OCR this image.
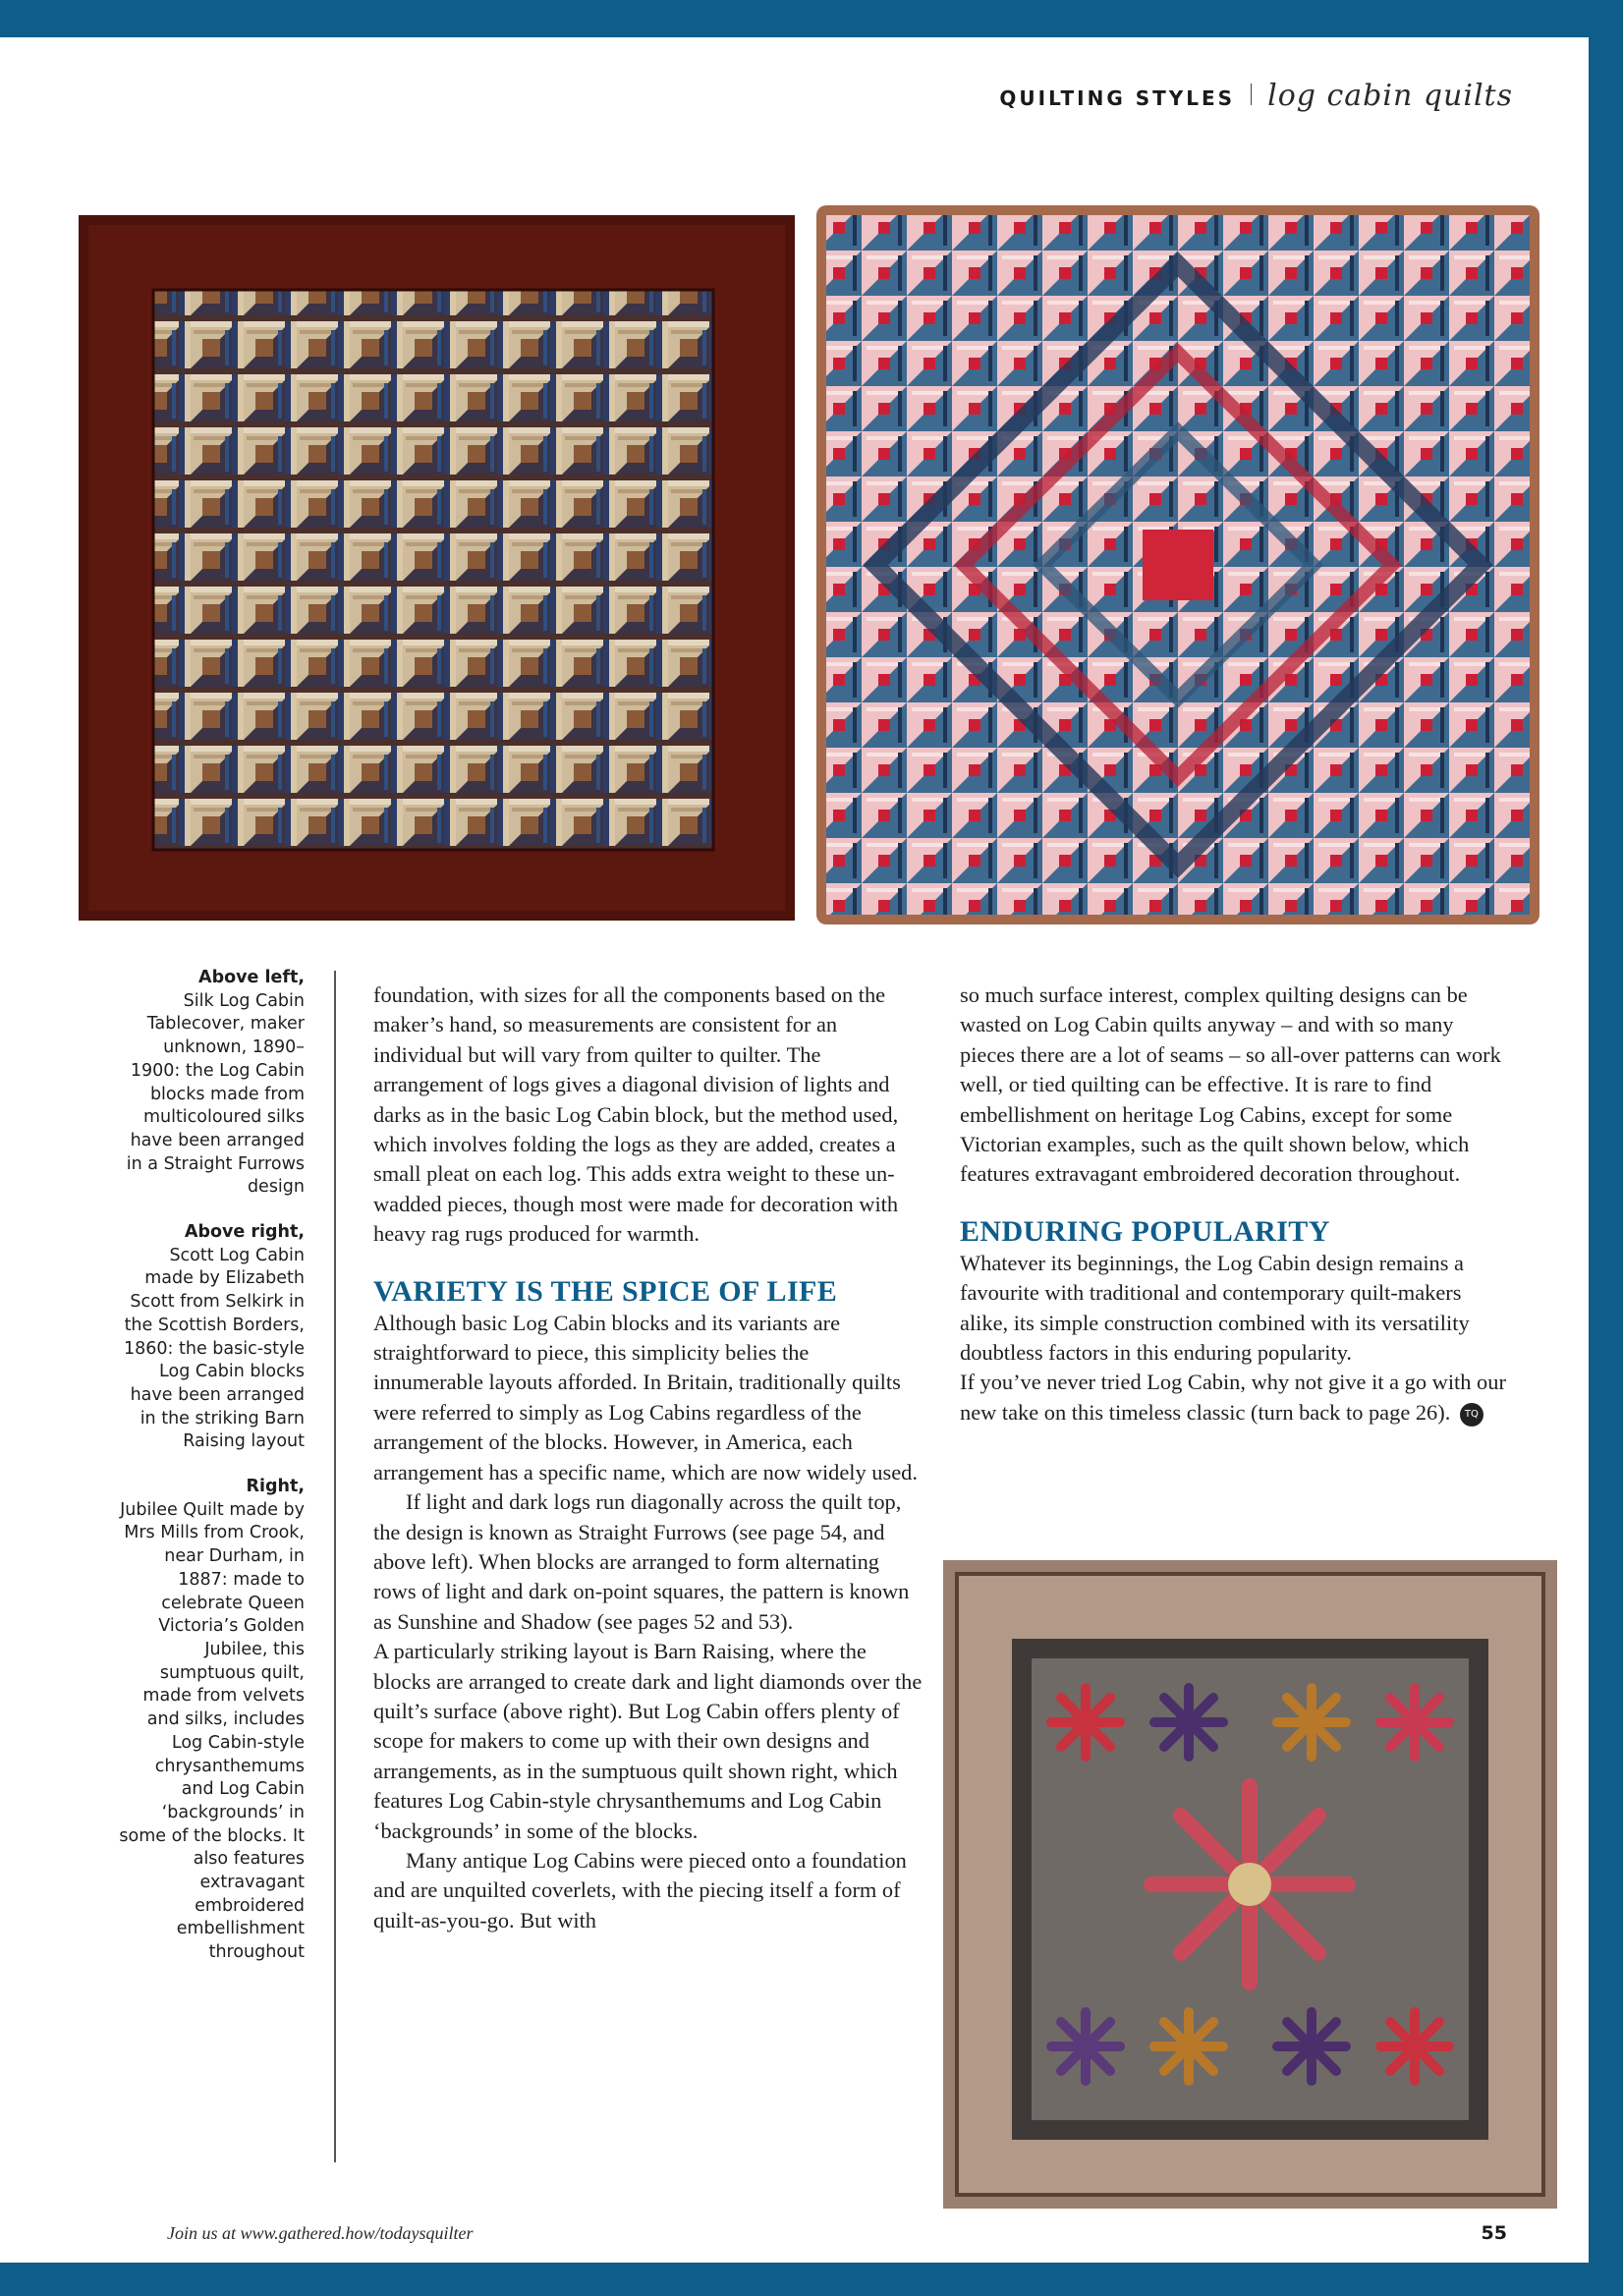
QUILTING STYLES log cabin quilts

Above left,
Silk Log Cabin Tablecover, maker unknown, 1890–1900: the Log Cabin blocks made from multicoloured silks have been arranged in a Straight Furrows design

Above right,
Scott Log Cabin made by Elizabeth Scott from Selkirk in the Scottish Borders, 1860: the basic-style Log Cabin blocks have been arranged in the striking Barn Raising layout

Right,
Jubilee Quilt made by Mrs Mills from Crook, near Durham, in 1887: made to celebrate Queen Victoria’s Golden Jubilee, this sumptuous quilt, made from velvets and silks, includes Log Cabin-style chrysanthemums and Log Cabin ‘backgrounds’ in some of the blocks. It also features extravagant embroidered embellishment throughout

foundation, with sizes for all the components based on the maker’s hand, so measurements are consistent for an individual but will vary from quilter to quilter. The arrangement of logs gives a diagonal division of lights and darks as in the basic Log Cabin block, but the method used, which involves folding the logs as they are added, creates a small pleat on each log. This adds extra weight to these un-wadded pieces, though most were made for decoration with heavy rag rugs produced for warmth.

VARIETY IS THE SPICE OF LIFE

Although basic Log Cabin blocks and its variants are straightforward to piece, this simplicity belies the innumerable layouts afforded. In Britain, traditionally quilts were referred to simply as Log Cabins regardless of the arrangement of the blocks. However, in America, each arrangement has a specific name, which are now widely used.

If light and dark logs run diagonally across the quilt top, the design is known as Straight Furrows (see page 54, and above left). When blocks are arranged to form alternating rows of light and dark on-point squares, the pattern is known as Sunshine and Shadow (see pages 52 and 53).

A particularly striking layout is Barn Raising, where the blocks are arranged to create dark and light diamonds over the quilt’s surface (above right). But Log Cabin offers plenty of scope for makers to come up with their own designs and arrangements, as in the sumptuous quilt shown right, which features Log Cabin-style chrysanthemums and Log Cabin ‘backgrounds’ in some of the blocks.

Many antique Log Cabins were pieced onto a foundation and are unquilted coverlets, with the piecing itself a form of quilt-as-you-go. But with

so much surface interest, complex quilting designs can be wasted on Log Cabin quilts anyway – and with so many pieces there are a lot of seams – so all-over patterns can work well, or tied quilting can be effective. It is rare to find embellishment on heritage Log Cabins, except for some Victorian examples, such as the quilt shown below, which features extravagant embroidered decoration throughout.

ENDURING POPULARITY

Whatever its beginnings, the Log Cabin design remains a favourite with traditional and contemporary quilt-makers alike, its simple construction combined with its versatility doubtless factors in this enduring popularity.

If you’ve never tried Log Cabin, why not give it a go with our new take on this timeless classic (turn back to page 26). TQ

Join us at www.gathered.how/todaysquilter	55
